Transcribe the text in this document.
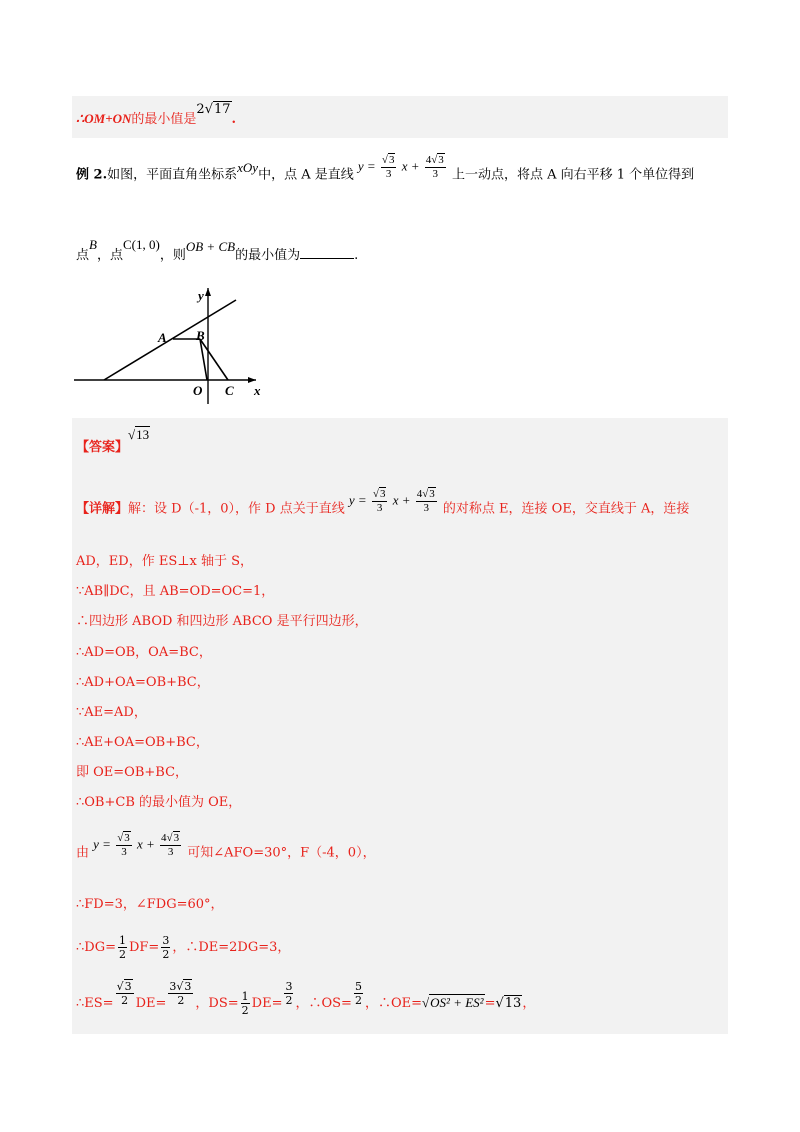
∴OM+ON的最小值是2√17.
例 2.如图，平面直角坐标系xOy中，点 A 是直线 $y = \frac{√3}{3}$ $x + \frac{4√3}{3}$ 上一动点，将点 A 向右平移 1 个单位得到
点B，点C(1, 0)，则OB + CB的最小值为	.
y
A B
O C x
【答案】√13
【详解】解：设 D（-1，0），作 D 点关于直线 $y = \frac{√3}{3}$ $x + \frac{4√3}{3}$ 的对称点 E，连接 OE，交直线于 A，连接
AD，ED，作 ES⊥x 轴于 S，
∵AB∥DC，且 AB=OD=OC=1，
∴四边形 ABOD 和四边形 ABCO 是平行四边形，
∴AD=OB，OA=BC，
∴AD+OA=OB+BC，
∵AE=AD，
∴AE+OA=OB+BC，
即 OE=OB+BC，
∴OB+CB 的最小值为 OE，
由 $y = \frac{√3}{3}$ $x + \frac{4√3}{3}$ 可知∠AFO=30°，F（-4，0），
∴FD=3，∠FDG=60°，
∴DG= $\frac{1}{2} DF= \frac{3}{2}$ ，∴DE=2DG=3，
∴ES= $\frac{√3}{2} DE= \frac{3√3}{2}$ ，$DS= \frac{1}{2} DE= \frac{3}{2}$ ，∴OS= $\frac{5}{2}$ ，∴OE=√OS² + ES²=√13，
